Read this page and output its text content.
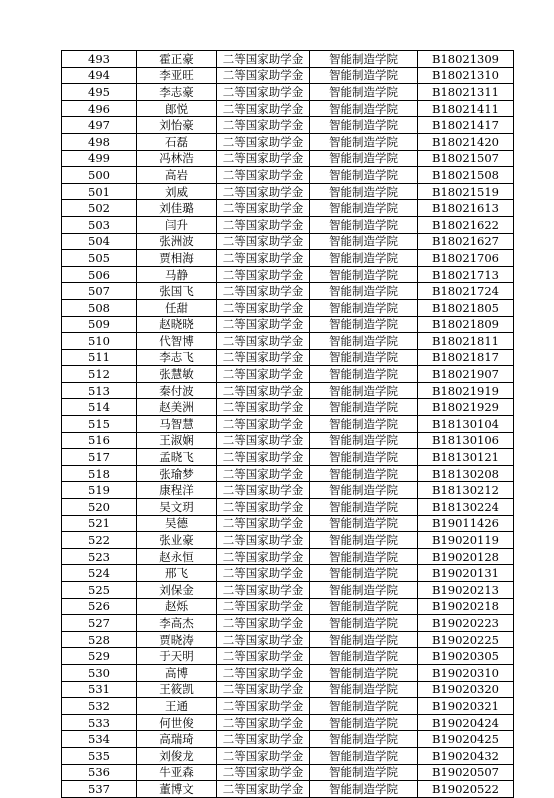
493	霍正豪	二等国家助学金	智能制造学院	B18021309
494	李亚旺	二等国家助学金	智能制造学院	B18021310
495	李志豪	二等国家助学金	智能制造学院	B18021311
496	郎悦	二等国家助学金	智能制造学院	B18021411
497	刘怡豪	二等国家助学金	智能制造学院	B18021417
498	石磊	二等国家助学金	智能制造学院	B18021420
499	冯林浩	二等国家助学金	智能制造学院	B18021507
500	高岩	二等国家助学金	智能制造学院	B18021508
501	刘威	二等国家助学金	智能制造学院	B18021519
502	刘佳璐	二等国家助学金	智能制造学院	B18021613
503	闫升	二等国家助学金	智能制造学院	B18021622
504	张洲波	二等国家助学金	智能制造学院	B18021627
505	贾相海	二等国家助学金	智能制造学院	B18021706
506	马静	二等国家助学金	智能制造学院	B18021713
507	张国飞	二等国家助学金	智能制造学院	B18021724
508	任甜	二等国家助学金	智能制造学院	B18021805
509	赵晓晓	二等国家助学金	智能制造学院	B18021809
510	代智博	二等国家助学金	智能制造学院	B18021811
511	李志飞	二等国家助学金	智能制造学院	B18021817
512	张慧敏	二等国家助学金	智能制造学院	B18021907
513	秦付波	二等国家助学金	智能制造学院	B18021919
514	赵美洲	二等国家助学金	智能制造学院	B18021929
515	马智慧	二等国家助学金	智能制造学院	B18130104
516	王淑娴	二等国家助学金	智能制造学院	B18130106
517	孟晓飞	二等国家助学金	智能制造学院	B18130121
518	张瑜梦	二等国家助学金	智能制造学院	B18130208
519	康程洋	二等国家助学金	智能制造学院	B18130212
520	吴文玥	二等国家助学金	智能制造学院	B18130224
521	吴德	二等国家助学金	智能制造学院	B19011426
522	张业豪	二等国家助学金	智能制造学院	B19020119
523	赵永恒	二等国家助学金	智能制造学院	B19020128
524	邢飞	二等国家助学金	智能制造学院	B19020131
525	刘保金	二等国家助学金	智能制造学院	B19020213
526	赵烁	二等国家助学金	智能制造学院	B19020218
527	李高杰	二等国家助学金	智能制造学院	B19020223
528	贾晓涛	二等国家助学金	智能制造学院	B19020225
529	于天明	二等国家助学金	智能制造学院	B19020305
530	高博	二等国家助学金	智能制造学院	B19020310
531	王筱凯	二等国家助学金	智能制造学院	B19020320
532	王通	二等国家助学金	智能制造学院	B19020321
533	何世俊	二等国家助学金	智能制造学院	B19020424
534	高瑞琦	二等国家助学金	智能制造学院	B19020425
535	刘俊龙	二等国家助学金	智能制造学院	B19020432
536	牛亚森	二等国家助学金	智能制造学院	B19020507
537	董博文	二等国家助学金	智能制造学院	B19020522
